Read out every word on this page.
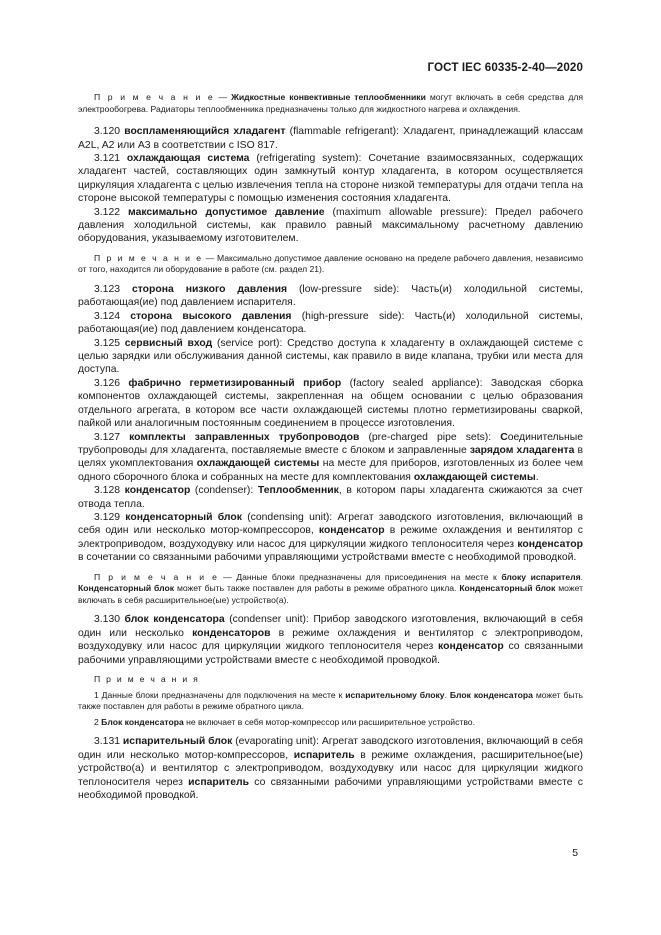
ГОСТ IEC 60335-2-40—2020

П р и м е ч а н и е — Жидкостные конвективные теплообменники могут включать в себя средства для электрообогрева. Радиаторы теплообменника предназначены только для жидкостного нагрева и охлаждения.

3.120 воспламеняющийся хладагент (flammable refrigerant): Хладагент, принадлежащий классам A2L, A2 или A3 в соответствии с ISO 817.

3.121 охлаждающая система (refrigerating system): Сочетание взаимосвязанных, содержащих хладагент частей, составляющих один замкнутый контур хладагента, в котором осуществляется циркуляция хладагента с целью извлечения тепла на стороне низкой температуры для отдачи тепла на стороне высокой температуры с помощью изменения состояния хладагента.

3.122 максимально допустимое давление (maximum allowable pressure): Предел рабочего давления холодильной системы, как правило равный максимальному расчетному давлению оборудования, указываемому изготовителем.

П р и м е ч а н и е — Максимально допустимое давление основано на пределе рабочего давления, независимо от того, находится ли оборудование в работе (см. раздел 21).

3.123 сторона низкого давления (low-pressure side): Часть(и) холодильной системы, работающая(ие) под давлением испарителя.

3.124 сторона высокого давления (high-pressure side): Часть(и) холодильной системы, работающая(ие) под давлением конденсатора.

3.125 сервисный вход (service port): Средство доступа к хладагенту в охлаждающей системе с целью зарядки или обслуживания данной системы, как правило в виде клапана, трубки или места для доступа.

3.126 фабрично герметизированный прибор (factory sealed appliance): Заводская сборка компонентов охлаждающей системы, закрепленная на общем основании с целью образования отдельного агрегата, в котором все части охлаждающей системы плотно герметизированы сваркой, пайкой или аналогичным постоянным соединением в процессе изготовления.

3.127 комплекты заправленных трубопроводов (pre-charged pipe sets): Соединительные трубопроводы для хладагента, поставляемые вместе с блоком и заправленные зарядом хладагента в целях укомплектования охлаждающей системы на месте для приборов, изготовленных из более чем одного сборочного блока и собранных на месте для комплектования охлаждающей системы.

3.128 конденсатор (condenser): Теплообменник, в котором пары хладагента сжижаются за счет отвода тепла.

3.129 конденсаторный блок (condensing unit): Агрегат заводского изготовления, включающий в себя один или несколько мотор-компрессоров, конденсатор в режиме охлаждения и вентилятор с электроприводом, воздуходувку или насос для циркуляции жидкого теплоносителя через конденсатор в сочетании со связанными рабочими управляющими устройствами вместе с необходимой проводкой.

П р и м е ч а н и е — Данные блоки предназначены для присоединения на месте к блоку испарителя. Конденсаторный блок может быть также поставлен для работы в режиме обратного цикла. Конденсаторный блок может включать в себя расширительное(ые) устройство(а).

3.130 блок конденсатора (condenser unit): Прибор заводского изготовления, включающий в себя один или несколько конденсаторов в режиме охлаждения и вентилятор с электроприводом, воздуходувку или насос для циркуляции жидкого теплоносителя через конденсатор со связанными рабочими управляющими устройствами вместе с необходимой проводкой.

П р и м е ч а н и я

1 Данные блоки предназначены для подключения на месте к испарительному блоку. Блок конденсатора может быть также поставлен для работы в режиме обратного цикла.

2 Блок конденсатора не включает в себя мотор-компрессор или расширительное устройство.

3.131 испарительный блок (evaporating unit): Агрегат заводского изготовления, включающий в себя один или несколько мотор-компрессоров, испаритель в режиме охлаждения, расширительное(ые) устройство(а) и вентилятор с электроприводом, воздуходувку или насос для циркуляции жидкого теплоносителя через испаритель со связанными рабочими управляющими устройствами вместе с необходимой проводкой.

5
